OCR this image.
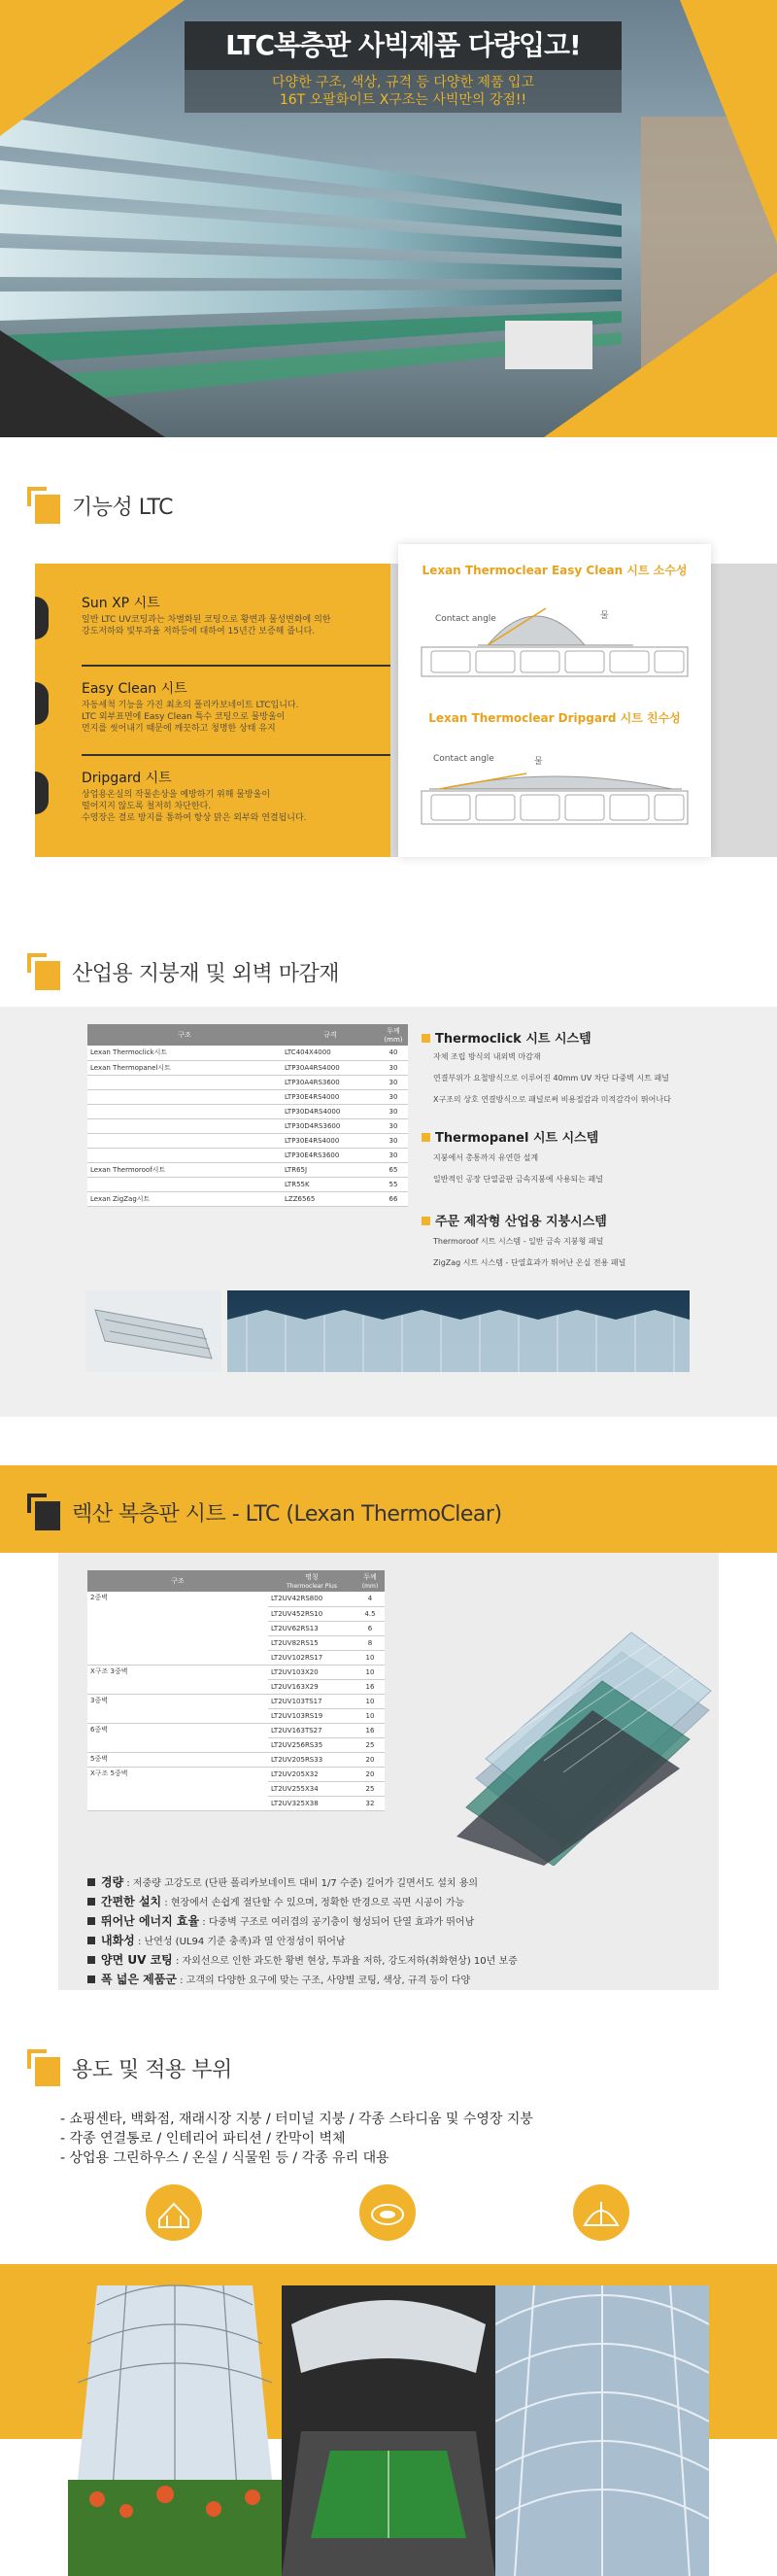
LTC복층판 사빅제품 다량입고!
다양한 구조, 색상, 규격 등 다양한 제품 입고
16T 오팔화이트 X구조는 사빅만의 강점!!
기능성 LTC
Sun XP 시트

일반 LTC UV코팅과는 차별화된 코팅으로 황변과 물성변화에 의한
강도저하와 빛투과율 저하등에 대하여 15년간 보증해 줍니다.

Easy Clean 시트

자동세척 기능을 가진 최초의 폴리카보네이트 LTC입니다.
LTC 외부표면에 Easy Clean 특수 코팅으로 물방울이
먼지를 씻어내기 때문에 깨끗하고 청명한 상태 유지

Dripgard 시트

상업용온실의 작물손상을 예방하기 위해 물방울이
떨어지지 않도록 철저히 차단한다.
수영장은 결로 방지를 통하여 항상 맑은 외부와 연결됩니다.

Lexan Thermoclear Easy Clean 시트 소수성
Contact angle	물
Lexan Thermoclear Dripgard 시트 친수성
Contact angle	물
산업용 지붕재 및 외벽 마감재
구조	규격	두께
(mm)
Lexan Thermoclick시트	LTC404X4000	40
Lexan Thermopanel시트	LTP30A4RS4000	30
	LTP30A4RS3600	30
	LTP30E4RS4000	30
	LTP30D4RS4000	30
	LTP30D4RS3600	30
	LTP30E4RS4000	30
	LTP30E4RS3600	30
Lexan Thermoroof시트	LTR65J	65
	LTR55K	55
Lexan ZigZag시트	LZZ6565	66
Thermoclick 시트 시스템
자체 조립 방식의 내외벽 마감재
연결부위가 요철방식으로 이루어진 40mm UV 차단 다중벽 시트 패널
X구조의 상호 연결방식으로 패널로써 비용절감과 미적감각이 뛰어나다
Thermopanel 시트 시스템
지붕에서 총통까지 유연한 설계
일반적인 공장 단열골판 금속지붕에 사용되는 패널
주문 제작형 산업용 지붕시스템
Thermoroof 시트 시스템 - 일반 금속 지붕형 패널
ZigZag 시트 시스템 - 단열효과가 뛰어난 온실 전용 패널
렉산 복층판 시트 - LTC (Lexan ThermoClear)
구조	명칭
Thermoclear Plus	두께
(mm)
2중벽	LT2UV42RS800	4
	LT2UV452RS10	4.5
	LT2UV62RS13	6
	LT2UV82RS15	8
	LT2UV102RS17	10
X구조 3중벽	LT2UV103X20	10
	LT2UV163X29	16
3중벽	LT2UV103TS17	10
	LT2UV103RS19	10
6중벽	LT2UV163TS27	16
	LT2UV256RS35	25
5중벽	LT2UV205RS33	20
X구조 5중벽	LT2UV205X32	20
	LT2UV255X34	25
	LT2UV325X38	32
경량 : 저중량 고강도로 (단판 폴리카보네이트 대비 1/7 수준) 길어가 길면서도 설치 용의
간편한 설치 : 현장에서 손쉽게 절단할 수 있으며, 정확한 반경으로 곡면 시공이 가능
뛰어난 에너지 효율 : 다중벽 구조로 여러겹의 공기층이 형성되어 단열 효과가 뛰어남
내화성 : 난연성 (UL94 기준 충족)과 열 안정성이 뛰어남
양면 UV 코팅 : 자외선으로 인한 과도한 황변 현상, 투과율 저하, 강도저하(취화현상) 10년 보증
폭 넓은 제품군 : 고객의 다양한 요구에 맞는 구조, 사양별 코팅, 색상, 규격 등이 다양
용도 및 적용 부위
- 쇼핑센타, 백화점, 재래시장 지붕 / 터미널 지붕 / 각종 스타디움 및 수영장 지붕
- 각종 연결통로 / 인테리어 파티션 / 칸막이 벽체
- 상업용 그린하우스 / 온실 / 식물원 등 / 각종 유리 대용
